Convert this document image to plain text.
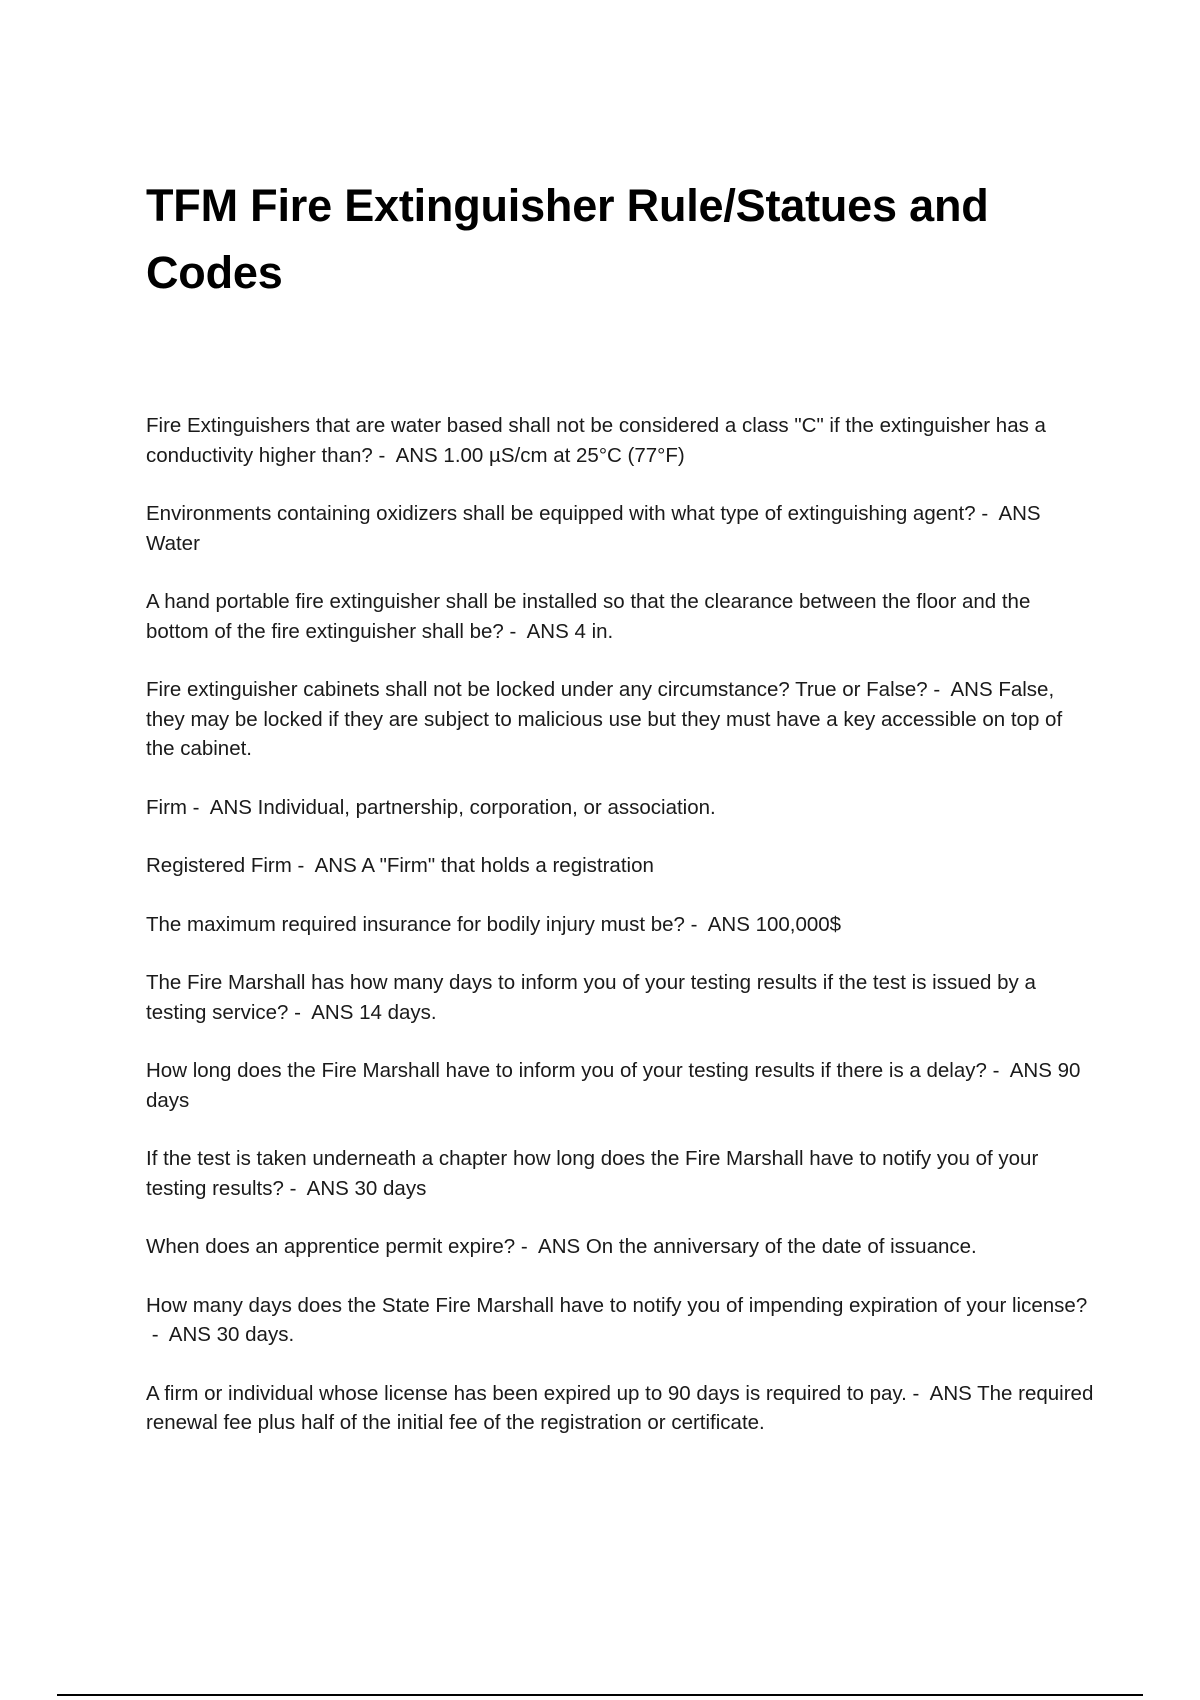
TFM Fire Extinguisher Rule/Statues and Codes

Fire Extinguishers that are water based shall not be considered a class "C" if the extinguisher has a conductivity higher than? -  ANS 1.00 µS/cm at 25°C (77°F)

Environments containing oxidizers shall be equipped with what type of extinguishing agent? -  ANS Water

A hand portable fire extinguisher shall be installed so that the clearance between the floor and the bottom of the fire extinguisher shall be? -  ANS 4 in.

Fire extinguisher cabinets shall not be locked under any circumstance? True or False? -  ANS False, they may be locked if they are subject to malicious use but they must have a key accessible on top of the cabinet.

Firm -  ANS Individual, partnership, corporation, or association.

Registered Firm -  ANS A "Firm" that holds a registration

The maximum required insurance for bodily injury must be? -  ANS 100,000$

The Fire Marshall has how many days to inform you of your testing results if the test is issued by a testing service? -  ANS 14 days.

How long does the Fire Marshall have to inform you of your testing results if there is a delay? -  ANS 90 days

If the test is taken underneath a chapter how long does the Fire Marshall have to notify you of your testing results? -  ANS 30 days

When does an apprentice permit expire? -  ANS On the anniversary of the date of issuance.

How many days does the State Fire Marshall have to notify you of impending expiration of your license? -  ANS 30 days.

A firm or individual whose license has been expired up to 90 days is required to pay. -  ANS The required renewal fee plus half of the initial fee of the registration or certificate.
